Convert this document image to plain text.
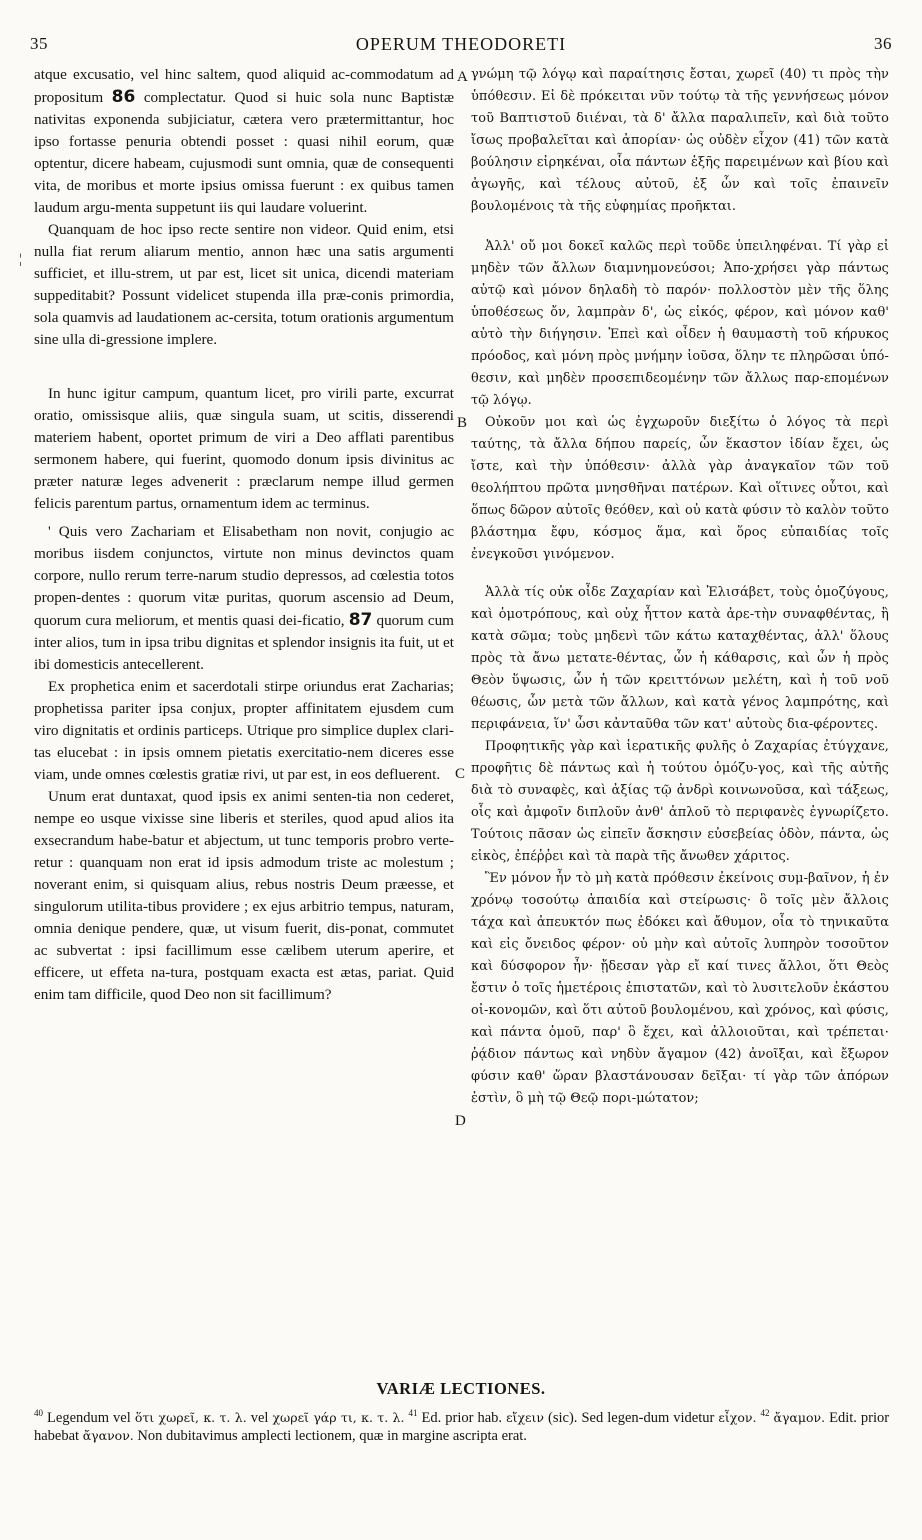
35	OPERUM THEODORETI	36
¦

atque excusatio, vel hinc saltem, quod aliquid ac-commodatum ad propositum 86 complectatur. Quod si huic sola nunc Baptistæ nativitas exponenda subjiciatur, cætera vero prætermittantur, hoc ipso fortasse penuria obtendi posset : quasi nihil eorum, quæ optentur, dicere habeam, cujusmodi sunt omnia, quæ de consequenti vita, de moribus et morte ipsius omissa fuerunt : ex quibus tamen laudum argu-menta suppetunt iis qui laudare voluerint.

Quanquam de hoc ipso recte sentire non videor. Quid enim, etsi nulla fiat rerum aliarum mentio, annon hæc una satis argumenti sufficiet, et illu-strem, ut par est, licet sit unica, dicendi materiam suppeditabit? Possunt videlicet stupenda illa præ-conis primordia, sola quamvis ad laudationem ac-cersita, totum orationis argumentum sine ulla di-gressione implere.

In hunc igitur campum, quantum licet, pro virili parte, excurrat oratio, omissisque aliis, quæ singula suam, ut scitis, disserendi materiem habent, oportet primum de viri a Deo afflati parentibus sermonem habere, qui fuerint, quomodo donum ipsis divinitus ac præter naturæ leges advenerit : præclarum nempe illud germen felicis parentum partus, ornamentum idem ac terminus.

' Quis vero Zachariam et Elisabetham non novit, conjugio ac moribus iisdem conjunctos, virtute non minus devinctos quam corpore, nullo rerum terre-narum studio depressos, ad cœlestia totos propen-dentes : quorum vitæ puritas, quorum ascensio ad Deum, quorum cura meliorum, et mentis quasi dei-ficatio, 87 quorum cum inter alios, tum in ipsa tribu dignitas et splendor insignis ita fuit, ut et ibi domesticis antecellerent.

Ex prophetica enim et sacerdotali stirpe oriundus erat Zacharias; prophetissa pariter ipsa conjux, propter affinitatem ejusdem cum viro dignitatis et ordinis particeps. Utrique pro simplice duplex clari-tas elucebat : in ipsis omnem pietatis exercitatio-nem diceres esse viam, unde omnes cœlestis gratiæ rivi, ut par est, in eos defluerent.

Unum erat duntaxat, quod ipsis ex animi senten-tia non cederet, nempe eo usque vixisse sine liberis et steriles, quod apud alios ita exsecrandum habe-batur et abjectum, ut tunc temporis probro verte-retur : quanquam non erat id ipsis admodum triste ac molestum ; noverant enim, si quisquam alius, rebus nostris Deum præesse, et singulorum utilita-tibus providere ; ex ejus arbitrio tempus, naturam, omnia denique pendere, quæ, ut visum fuerit, dis-ponat, commutet ac subvertat : ipsi facillimum esse cælibem uterum aperire, et efficere, ut effeta na-tura, postquam exacta est ætas, pariat. Quid enim tam difficile, quod Deo non sit facillimum?

A
B
C
D

γνώμη τῷ λόγῳ καὶ παραίτησις ἔσται, χωρεῖ (40) τι πρὸς τὴν ὑπόθεσιν. Εἰ δὲ πρόκειται νῦν τούτῳ τὰ τῆς γεννήσεως μόνον τοῦ Βαπτιστοῦ διιέναι, τὰ δ' ἄλλα παραλιπεῖν, καὶ διὰ τοῦτο ἴσως προβαλεῖται καὶ ἀπορίαν· ὡς οὐδὲν εἶχον (41) τῶν κατὰ βούλησιν εἰρηκέναι, οἷα πάντων ἑξῆς παρειμένων καὶ βίου καὶ ἀγωγῆς, καὶ τέλους αὐτοῦ, ἐξ ὧν καὶ τοῖς ἐπαινεῖν βουλομένοις τὰ τῆς εὐφημίας προῆκται.

Ἀλλ' οὔ μοι δοκεῖ καλῶς περὶ τοῦδε ὑπειληφέναι. Τί γὰρ εἰ μηδὲν τῶν ἄλλων διαμνημονεύσοι; Ἀπο-χρήσει γὰρ πάντως αὐτῷ καὶ μόνον δηλαδὴ τὸ παρόν· πολλοστὸν μὲν τῆς ὅλης ὑποθέσεως ὄν, λαμπρὰν δ', ὡς εἰκός, φέρον, καὶ μόνον καθ' αὑτὸ τὴν διήγησιν. Ἐπεὶ καὶ οἶδεν ἡ θαυμαστὴ τοῦ κήρυκος πρόοδος, καὶ μόνη πρὸς μνήμην ἰοῦσα, ὅλην τε πληρῶσαι ὑπό-θεσιν, καὶ μηδὲν προσεπιδεομένην τῶν ἄλλως παρ-επομένων τῷ λόγῳ.

Οὐκοῦν μοι καὶ ὡς ἐγχωροῦν διεξίτω ὁ λόγος τὰ περὶ ταύτης, τὰ ἄλλα δήπου παρείς, ὧν ἕκαστον ἰδίαν ἔχει, ὡς ἴστε, καὶ τὴν ὑπόθεσιν· ἀλλὰ γὰρ ἀναγκαῖον τῶν τοῦ θεολήπτου πρῶτα μνησθῆναι πατέρων. Καὶ οἵτινες οὗτοι, καὶ ὅπως δῶρον αὐτοῖς θεόθεν, καὶ οὐ κατὰ φύσιν τὸ καλὸν τοῦτο βλάστημα ἔφυ, κόσμος ἅμα, καὶ ὅρος εὐπαιδίας τοῖς ἐνεγκοῦσι γινόμενον.

Ἀλλὰ τίς οὐκ οἶδε Ζαχαρίαν καὶ Ἐλισάβετ, τοὺς ὁμοζύγους, καὶ ὁμοτρόπους, καὶ οὐχ ἧττον κατὰ ἀρε-τὴν συναφθέντας, ἢ κατὰ σῶμα; τοὺς μηδενὶ τῶν κάτω καταχθέντας, ἀλλ' ὅλους πρὸς τὰ ἄνω μετατε-θέντας, ὧν ἡ κάθαρσις, καὶ ὧν ἡ πρὸς Θεὸν ὕψωσις, ὧν ἡ τῶν κρειττόνων μελέτη, καὶ ἡ τοῦ νοῦ θέωσις, ὧν μετὰ τῶν ἄλλων, καὶ κατὰ γένος λαμπρότης, καὶ περιφάνεια, ἵν' ὦσι κἀνταῦθα τῶν κατ' αὐτοὺς δια-φέροντες.

Προφητικῆς γὰρ καὶ ἱερατικῆς φυλῆς ὁ Ζαχαρίας ἐτύγχανε, προφῆτις δὲ πάντως καὶ ἡ τούτου ὁμόζυ-γος, καὶ τῆς αὐτῆς διὰ τὸ συναφὲς, καὶ ἀξίας τῷ ἀνδρὶ κοινωνοῦσα, καὶ τάξεως, οἷς καὶ ἀμφοῖν διπλοῦν ἀνθ' ἁπλοῦ τὸ περιφανὲς ἐγνωρίζετο. Τούτοις πᾶσαν ὡς εἰπεῖν ἄσκησιν εὐσεβείας ὁδὸν, πάντα, ὡς εἰκὸς, ἐπέῤῥει καὶ τὰ παρὰ τῆς ἄνωθεν χάριτος.

Ἓν μόνον ἦν τὸ μὴ κατὰ πρόθεσιν ἐκείνοις συμ-βαῖνον, ἡ ἐν χρόνῳ τοσούτῳ ἀπαιδία καὶ στείρωσις· ὃ τοῖς μὲν ἄλλοις τάχα καὶ ἀπευκτόν πως ἐδόκει καὶ ἄθυμον, οἷα τὸ τηνικαῦτα καὶ εἰς ὄνειδος φέρον· οὐ μὴν καὶ αὐτοῖς λυπηρὸν τοσοῦτον καὶ δύσφορον ἦν· ᾔδεσαν γὰρ εἴ καί τινες ἄλλοι, ὅτι Θεὸς ἔστιν ὁ τοῖς ἡμετέροις ἐπιστατῶν, καὶ τὸ λυσιτελοῦν ἑκάστου οἰ-κονομῶν, καὶ ὅτι αὐτοῦ βουλομένου, καὶ χρόνος, καὶ φύσις, καὶ πάντα ὁμοῦ, παρ' ὃ ἔχει, καὶ ἀλλοιοῦται, καὶ τρέπεται· ῥᾴδιον πάντως καὶ νηδὺν ἄγαμον (42) ἀνοῖξαι, καὶ ἔξωρον φύσιν καθ' ὥραν βλαστάνουσαν δεῖξαι· τί γὰρ τῶν ἀπόρων ἐστὶν, ὃ μὴ τῷ Θεῷ πορι-μώτατον;

VARIÆ LECTIONES.
$^{40}$ Legendum vel ὅτι χωρεῖ, κ. τ. λ. vel χωρεῖ γάρ τι, κ. τ. λ. $^{41}$ Ed. prior hab. εἴχειν (sic). Sed legen-dum videtur εἶχον. $^{42}$ ἄγαμον. Edit. prior habebat ἄγανον. Non dubitavimus amplecti lectionem, quæ in margine ascripta erat.
